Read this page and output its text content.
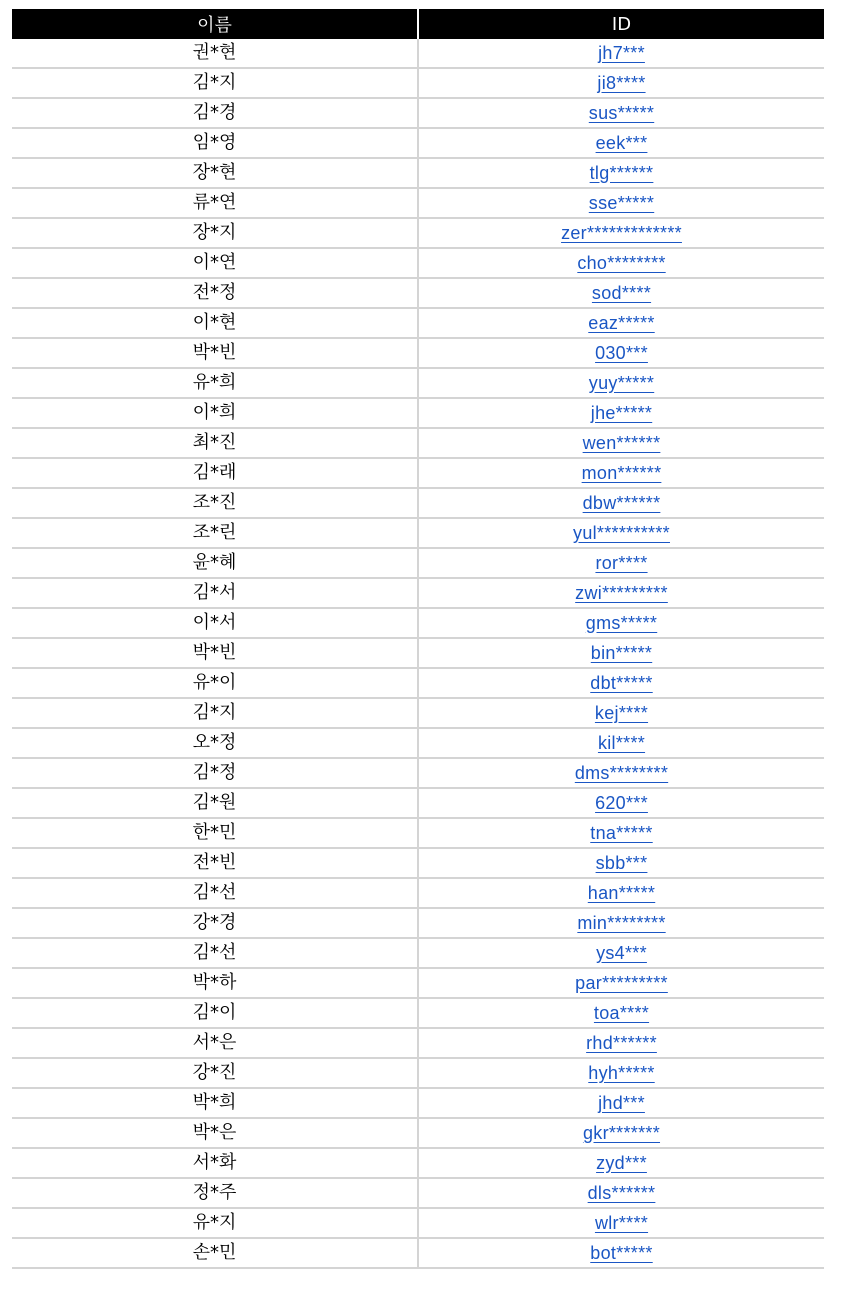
이름	ID
권*현	jh7***
김*지	ji8****
김*경	sus*****
임*영	eek***
장*현	tlg******
류*연	sse*****
장*지	zer*************
이*연	cho********
전*정	sod****
이*현	eaz*****
박*빈	030***
유*희	yuy*****
이*희	jhe*****
최*진	wen******
김*래	mon******
조*진	dbw******
조*린	yul**********
윤*혜	ror****
김*서	zwi*********
이*서	gms*****
박*빈	bin*****
유*이	dbt*****
김*지	kej****
오*정	kil****
김*정	dms********
김*원	620***
한*민	tna*****
전*빈	sbb***
김*선	han*****
강*경	min********
김*선	ys4***
박*하	par*********
김*이	toa****
서*은	rhd******
강*진	hyh*****
박*희	jhd***
박*은	gkr*******
서*화	zyd***
정*주	dls******
유*지	wlr****
손*민	bot*****
